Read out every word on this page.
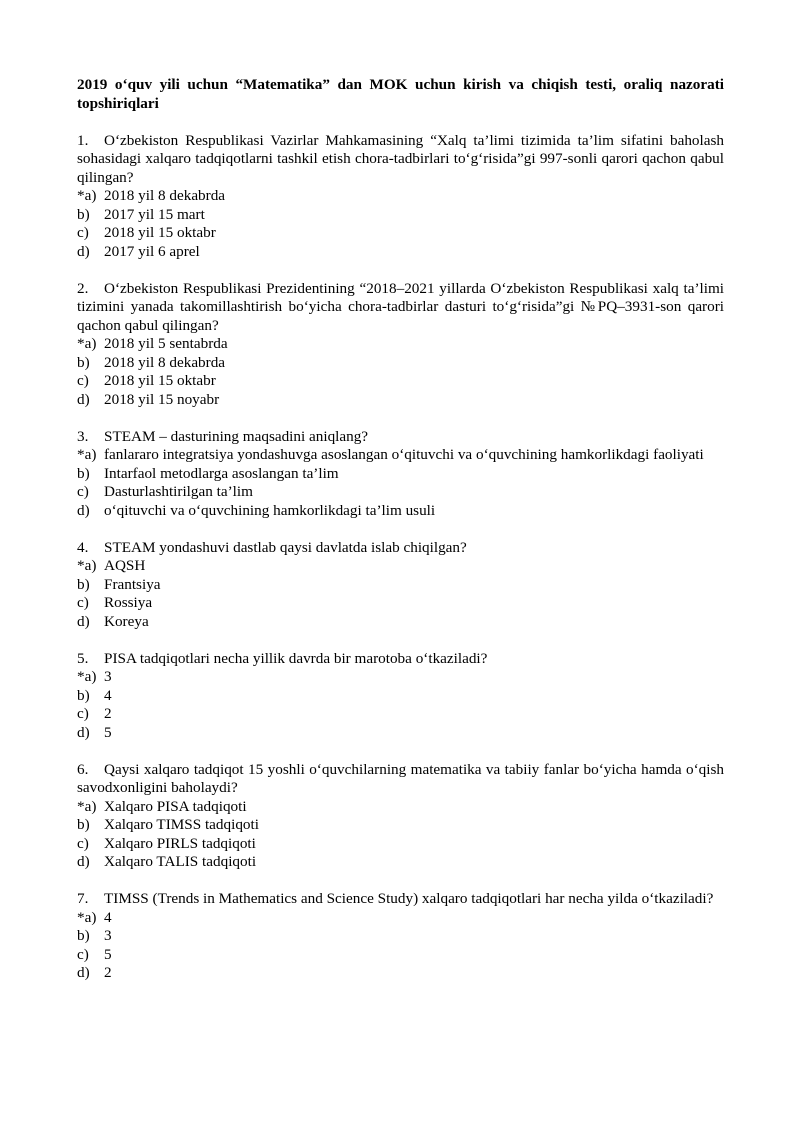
2019 o‘quv yili uchun “Matematika” dan MOK uchun kirish va chiqish testi, oraliq nazorati topshiriqlari
1. O‘zbekiston Respublikasi Vazirlar Mahkamasining “Xalq ta’limi tizimida ta’lim sifatini baholash sohasidagi xalqaro tadqiqotlarni tashkil etish chora-tadbirlari to‘g‘risida”gi 997-sonli qarori qachon qabul qilingan?
*a) 2018 yil 8 dekabrda
b) 2017 yil 15 mart
c) 2018 yil 15 oktabr
d) 2017 yil 6 aprel
2. O‘zbekiston Respublikasi Prezidentining “2018–2021 yillarda O‘zbekiston Respublikasi xalq ta’limi tizimini yanada takomillashtirish bo‘yicha chora-tadbirlar dasturi to‘g‘risida”gi №PQ–3931-son qarori qachon qabul qilingan?
*a) 2018 yil 5 sentabrda
b) 2018 yil 8 dekabrda
c) 2018 yil 15 oktabr
d) 2018 yil 15 noyabr
3. STEAM – dasturining maqsadini aniqlang?
*a) fanlararo integratsiya yondashuvga asoslangan o‘qituvchi va o‘quvchining hamkorlikdagi faoliyati
b) Intarfaol metodlarga asoslangan ta’lim
c) Dasturlashtirilgan ta’lim
d) o‘qituvchi va o‘quvchining hamkorlikdagi ta’lim usuli
4. STEAM yondashuvi dastlab qaysi davlatda islab chiqilgan?
*a) AQSH
b) Frantsiya
c) Rossiya
d) Koreya
5. PISA tadqiqotlari necha yillik davrda bir marotoba o‘tkaziladi?
*a) 3
b) 4
c) 2
d) 5
6. Qaysi xalqaro tadqiqot 15 yoshli o‘quvchilarning matematika va tabiiy fanlar bo‘yicha hamda o‘qish savodxonligini baholaydi?
*a) Xalqaro PISA tadqiqoti
b) Xalqaro TIMSS tadqiqoti
c) Xalqaro PIRLS tadqiqoti
d) Xalqaro TALIS tadqiqoti
7. TIMSS (Trends in Mathematics and Science Study) xalqaro tadqiqotlari har necha yilda o‘tkaziladi?
*a) 4
b) 3
c) 5
d) 2
